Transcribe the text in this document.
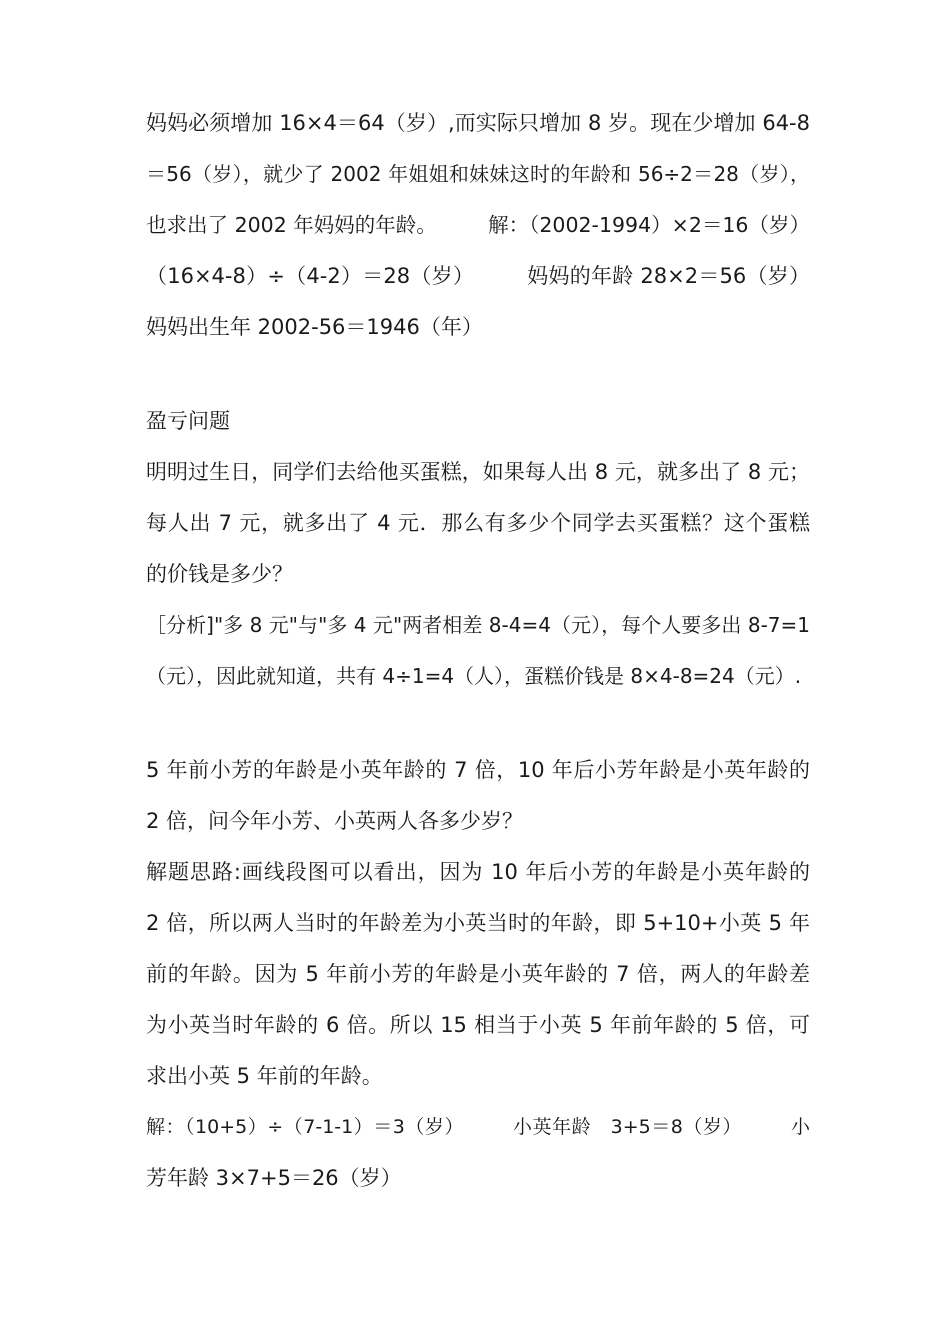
妈妈必须增加 16×4＝64（岁）,而实际只增加 8 岁。现在少增加 64-8
＝56（岁），就少了 2002 年姐姐和妹妹这时的年龄和 56÷2＝28（岁），
也求出了 2002 年妈妈的年龄。　　　解：（2002-1994）×2＝16（岁）
（16×4-8）÷（4-2）＝28（岁）　　　妈妈的年龄 28×2＝56（岁）
妈妈出生年 2002-56＝1946（年）
盈亏问题
明明过生日，同学们去给他买蛋糕，如果每人出 8 元，就多出了 8 元；
每人出 7 元，就多出了 4 元．那么有多少个同学去买蛋糕？这个蛋糕
的价钱是多少？
［分析]"多 8 元"与"多 4 元"两者相差 8-4=4（元），每个人要多出 8-7=1
（元），因此就知道，共有 4÷1=4（人），蛋糕价钱是 8×4-8=24（元）.
5 年前小芳的年龄是小英年龄的 7 倍，10 年后小芳年龄是小英年龄的
2 倍，问今年小芳、小英两人各多少岁？
解题思路:画线段图可以看出，因为 10 年后小芳的年龄是小英年龄的
2 倍，所以两人当时的年龄差为小英当时的年龄，即 5+10+小英 5 年
前的年龄。因为 5 年前小芳的年龄是小英年龄的 7 倍，两人的年龄差
为小英当时年龄的 6 倍。所以 15 相当于小英 5 年前年龄的 5 倍，可
求出小英 5 年前的年龄。
解：（10+5）÷（7-1-1）＝3（岁）　　　小英年龄　3+5＝8（岁）　　　小
芳年龄 3×7+5＝26（岁）
